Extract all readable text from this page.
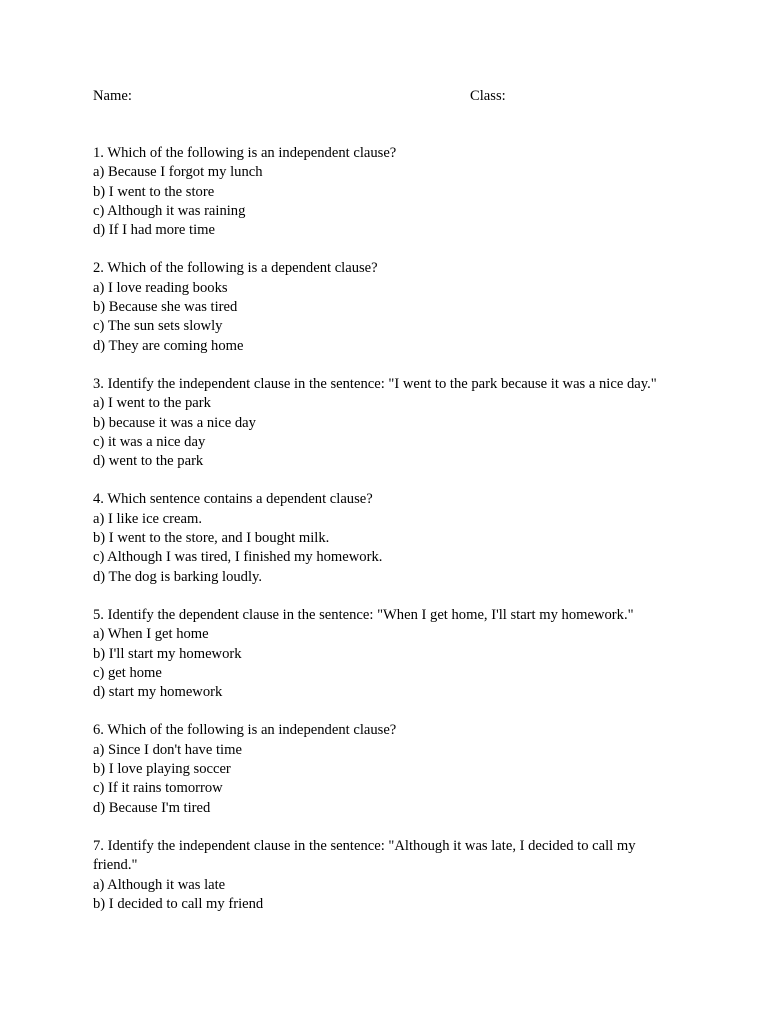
Name:	Class:
1. Which of the following is an independent clause?
a) Because I forgot my lunch
b) I went to the store
c) Although it was raining
d) If I had more time
2. Which of the following is a dependent clause?
a) I love reading books
b) Because she was tired
c) The sun sets slowly
d) They are coming home
3. Identify the independent clause in the sentence: "I went to the park because it was a nice day."
a) I went to the park
b) because it was a nice day
c) it was a nice day
d) went to the park
4. Which sentence contains a dependent clause?
a) I like ice cream.
b) I went to the store, and I bought milk.
c) Although I was tired, I finished my homework.
d) The dog is barking loudly.
5. Identify the dependent clause in the sentence: "When I get home, I'll start my homework."
a) When I get home
b) I'll start my homework
c) get home
d) start my homework
6. Which of the following is an independent clause?
a) Since I don't have time
b) I love playing soccer
c) If it rains tomorrow
d) Because I'm tired
7. Identify the independent clause in the sentence: "Although it was late, I decided to call my friend."
a) Although it was late
b) I decided to call my friend
